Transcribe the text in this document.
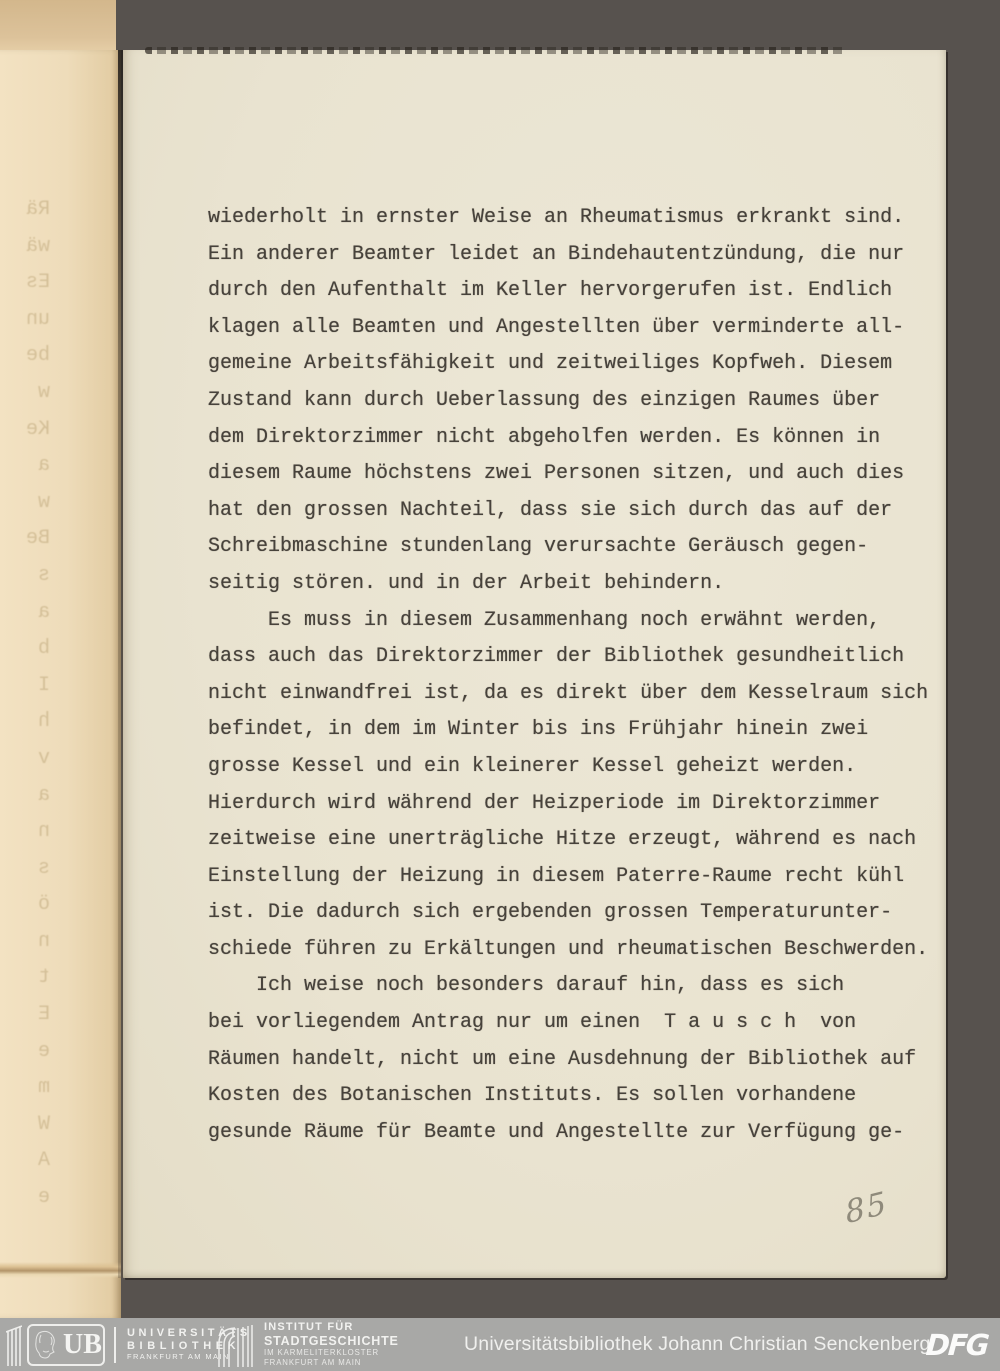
Rä
wä
Es
un
be
w
Ke
a
w
Be
s
a
b
I
h
v
a
n
s
ö
n
t
E
e
m
W
A
e
wiederholt in ernster Weise an Rheumatismus erkrankt sind.
Ein anderer Beamter leidet an Bindehautentzündung, die nur
durch den Aufenthalt im Keller hervorgerufen ist. Endlich
klagen alle Beamten und Angestellten über verminderte all-
gemeine Arbeitsfähigkeit und zeitweiliges Kopfweh. Diesem
Zustand kann durch Ueberlassung des einzigen Raumes über
dem Direktorzimmer nicht abgeholfen werden. Es können in
diesem Raume höchstens zwei Personen sitzen, und auch dies
hat den grossen Nachteil, dass sie sich durch das auf der
Schreibmaschine stundenlang verursachte Geräusch gegen-
seitig stören. und in der Arbeit behindern.
Es muss in diesem Zusammenhang noch erwähnt werden,
dass auch das Direktorzimmer der Bibliothek gesundheitlich
nicht einwandfrei ist, da es direkt über dem Kesselraum sich
befindet, in dem im Winter bis ins Frühjahr hinein zwei
grosse Kessel und ein kleinerer Kessel geheizt werden.
Hierdurch wird während der Heizperiode im Direktorzimmer
zeitweise eine unerträgliche Hitze erzeugt, während es nach
Einstellung der Heizung in diesem Paterre-Raume recht kühl
ist. Die dadurch sich ergebenden grossen Temperaturunter-
schiede führen zu Erkältungen und rheumatischen Beschwerden.
Ich weise noch besonders darauf hin, dass es sich
bei vorliegendem Antrag nur um einen  T a u s c h  von
Räumen handelt, nicht um eine Ausdehnung der Bibliothek auf
Kosten des Botanischen Instituts. Es sollen vorhandene
gesunde Räume für Beamte und Angestellte zur Verfügung ge-
85
UB UNIVERSITÄTS
BIBLIOTHEK
FRANKFURT AM MAIN
INSTITUT FÜR
STADTGESCHICHTE
IM KARMELITERKLOSTER
FRANKFURT AM MAIN
Universitätsbibliothek Johann Christian Senckenberg
DFG
